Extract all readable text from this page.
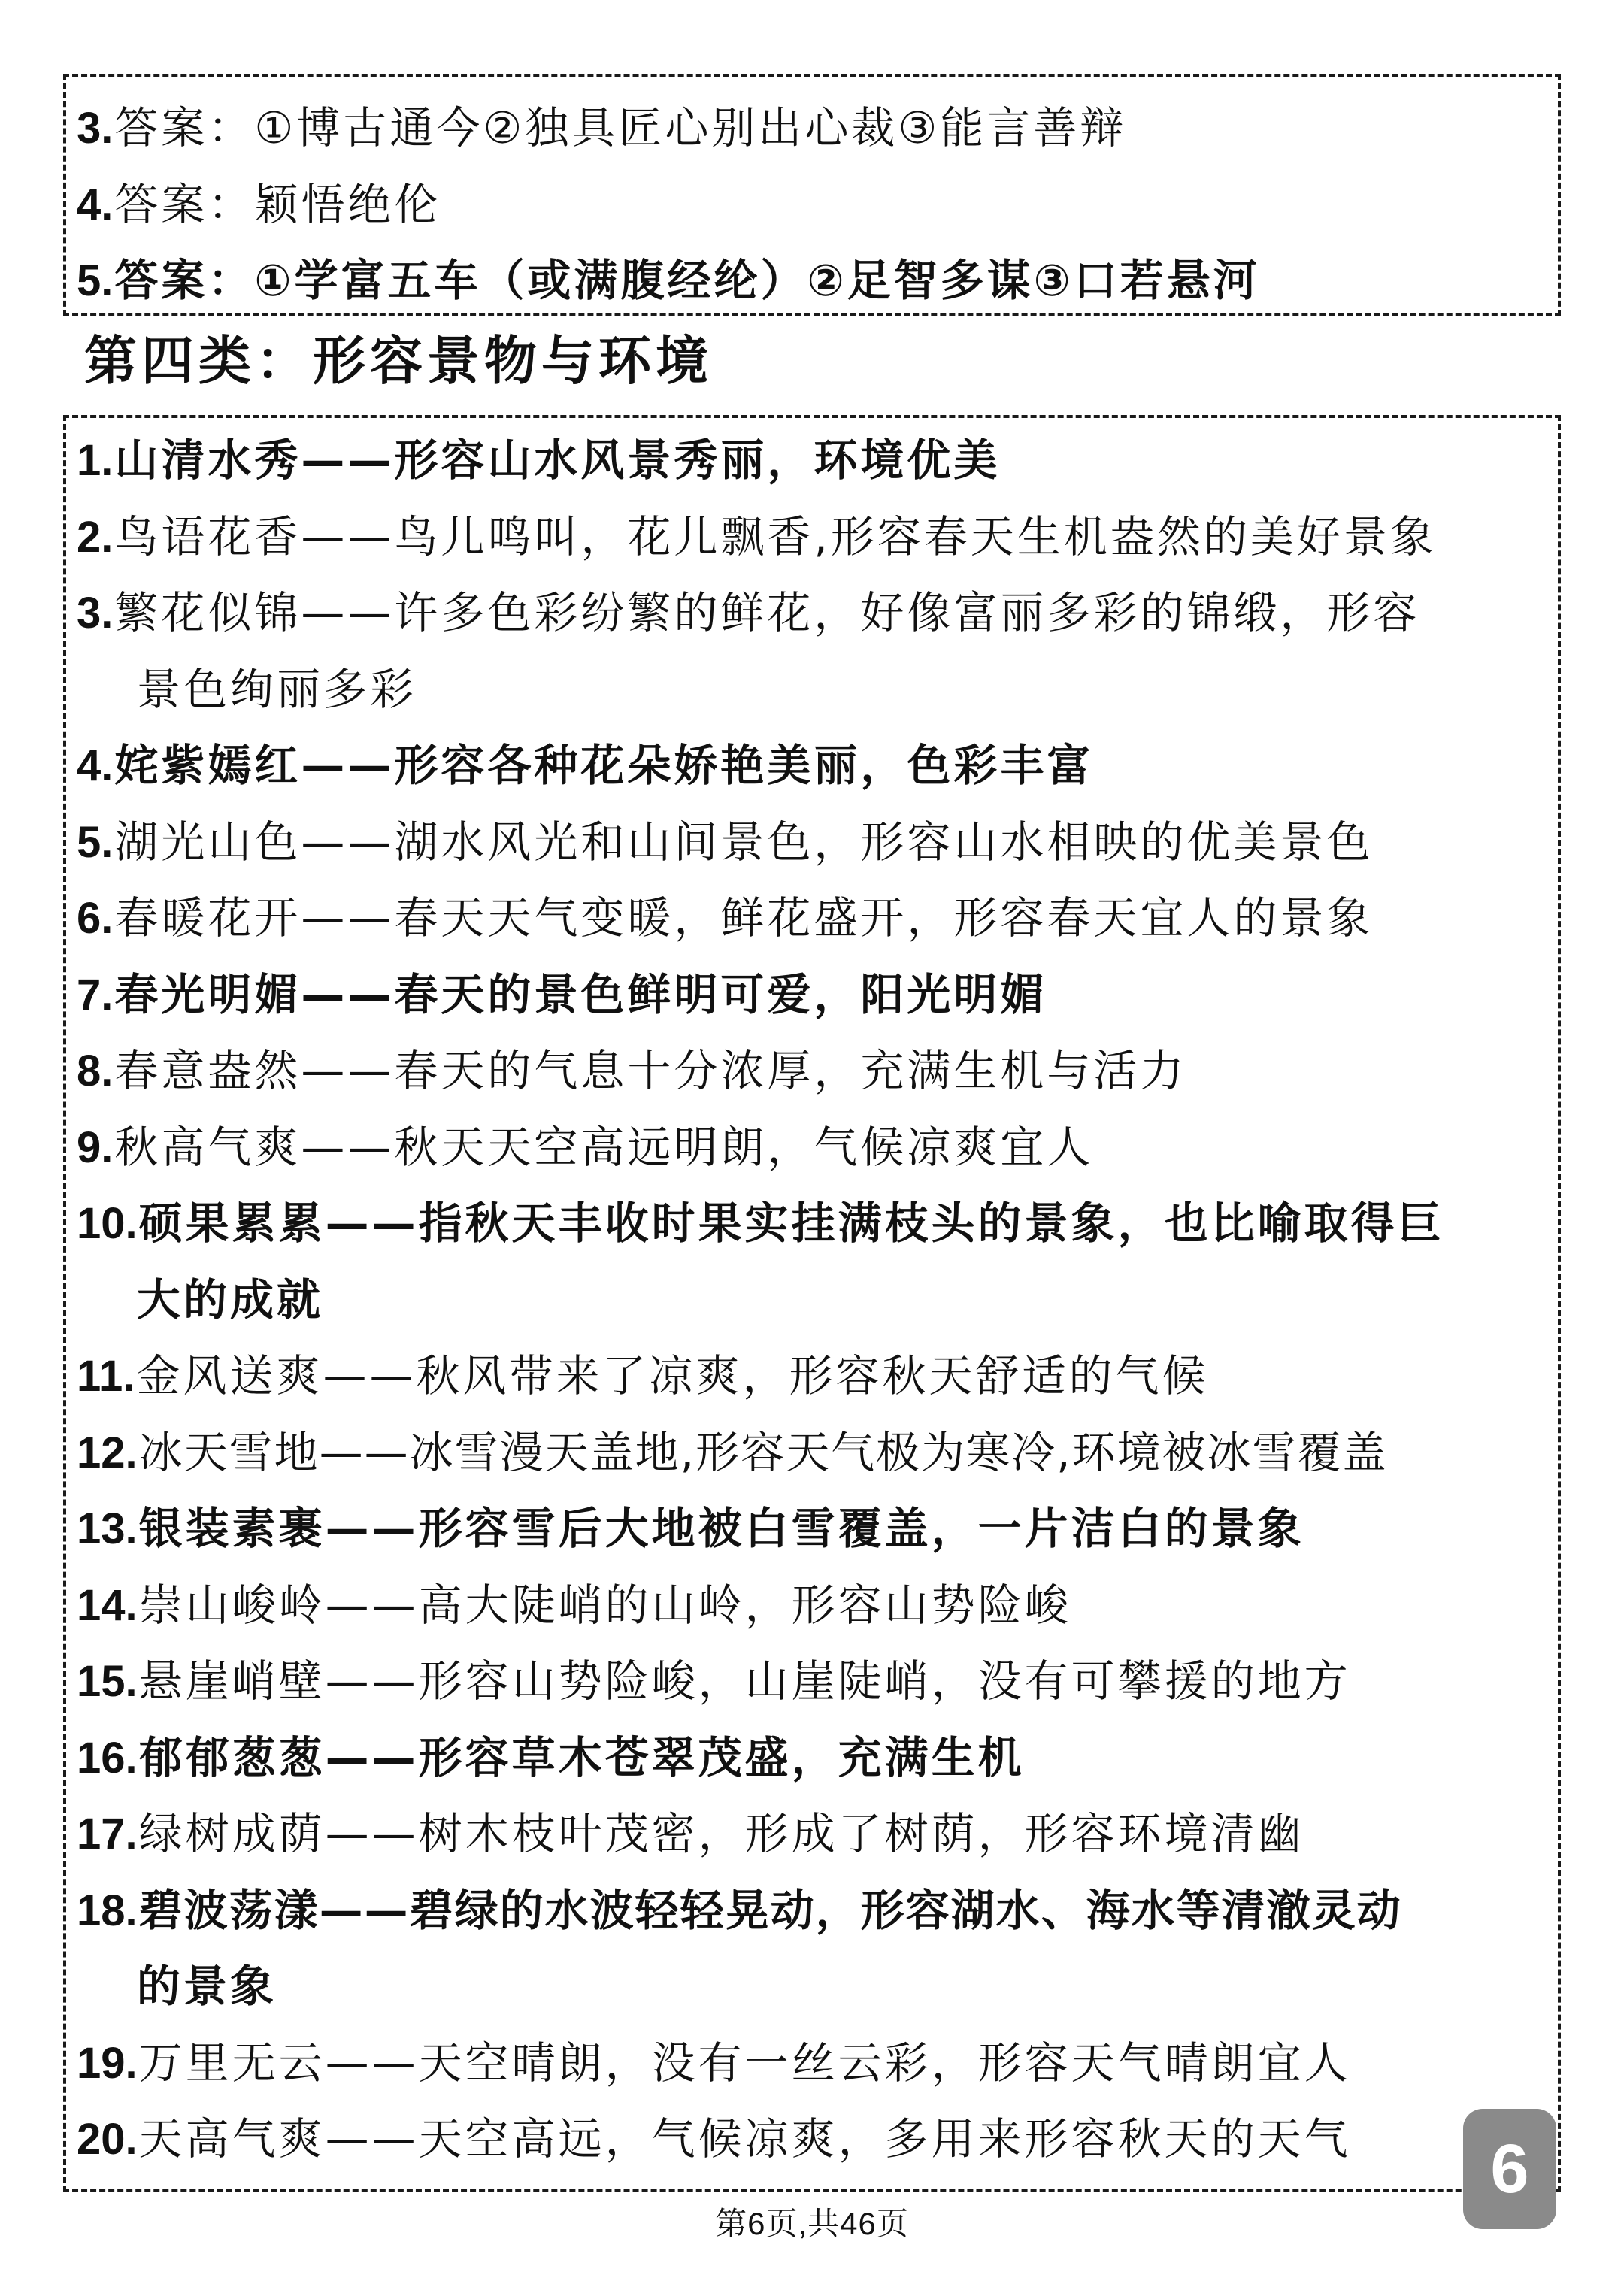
3.答案：①博古通今②独具匠心别出心裁③能言善辩
4.答案：颖悟绝伦
5.答案：①学富五车（或满腹经纶）②足智多谋③口若悬河
第四类：形容景物与环境
1.山清水秀——形容山水风景秀丽，环境优美
2.鸟语花香——鸟儿鸣叫，花儿飘香,形容春天生机盎然的美好景象
3.繁花似锦——许多色彩纷繁的鲜花，好像富丽多彩的锦缎，形容
景色绚丽多彩
4.姹紫嫣红——形容各种花朵娇艳美丽，色彩丰富
5.湖光山色——湖水风光和山间景色，形容山水相映的优美景色
6.春暖花开——春天天气变暖，鲜花盛开，形容春天宜人的景象
7.春光明媚——春天的景色鲜明可爱，阳光明媚
8.春意盎然——春天的气息十分浓厚，充满生机与活力
9.秋高气爽——秋天天空高远明朗，气候凉爽宜人
10.硕果累累——指秋天丰收时果实挂满枝头的景象，也比喻取得巨
大的成就
11.金风送爽——秋风带来了凉爽，形容秋天舒适的气候
12.冰天雪地——冰雪漫天盖地,形容天气极为寒冷,环境被冰雪覆盖
13.银装素裹——形容雪后大地被白雪覆盖，一片洁白的景象
14.崇山峻岭——高大陡峭的山岭，形容山势险峻
15.悬崖峭壁——形容山势险峻，山崖陡峭，没有可攀援的地方
16.郁郁葱葱——形容草木苍翠茂盛，充满生机
17.绿树成荫——树木枝叶茂密，形成了树荫，形容环境清幽
18.碧波荡漾——碧绿的水波轻轻晃动，形容湖水、海水等清澈灵动
的景象
19.万里无云——天空晴朗，没有一丝云彩，形容天气晴朗宜人
20.天高气爽——天空高远，气候凉爽，多用来形容秋天的天气
第6页,共46页
6
